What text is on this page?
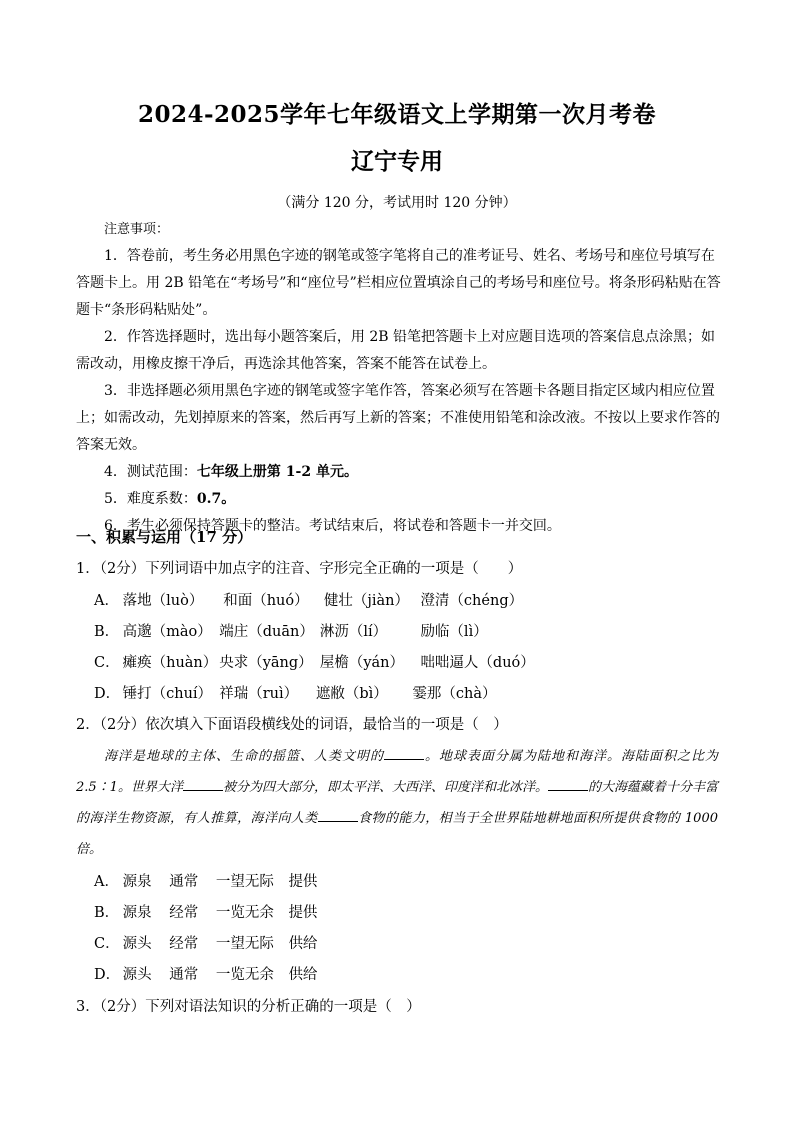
2024-2025学年七年级语文上学期第一次月考卷
辽宁专用
（满分 120 分，考试用时 120 分钟）
注意事项：

1．答卷前，考生务必用黑色字迹的钢笔或签字笔将自己的准考证号、姓名、考场号和座位号填写在答题卡上。用 2B 铅笔在“考场号”和“座位号”栏相应位置填涂自己的考场号和座位号。将条形码粘贴在答题卡“条形码粘贴处”。

2．作答选择题时，选出每小题答案后，用 2B 铅笔把答题卡上对应题目选项的答案信息点涂黑；如需改动，用橡皮擦干净后，再选涂其他答案，答案不能答在试卷上。

3．非选择题必须用黑色字迹的钢笔或签字笔作答，答案必须写在答题卡各题目指定区域内相应位置上；如需改动，先划掉原来的答案，然后再写上新的答案；不准使用铅笔和涂改液。不按以上要求作答的答案无效。

4．测试范围：七年级上册第 1-2 单元。

5．难度系数：0.7。

6．考生必须保持答题卡的整洁。考试结束后，将试卷和答题卡一并交回。

一、积累与运用（17 分）
1．（2分）下列词语中加点字的注音、字形完全正确的一项是（　　）
A． 落地（luò） 和面（huó） 健壮（jiàn） 澄清（chéng）
B． 高邈（mào） 端庄（duān） 淋沥（lí） 励临（lì）
C． 瘫痪（huàn） 央求（yāng） 屋檐（yán） 咄咄逼人（duó）
D． 锤打（chuí） 祥瑞（ruì） 遮敝（bì） 霎那（chà）
2．（2分）依次填入下面语段横线处的词语，最恰当的一项是（　）

海洋是地球的主体、生命的摇篮、人类文明的	。地球表面分属为陆地和海洋。海陆面积之比为 2.5∶1。世界大洋	被分为四大部分，即太平洋、大西洋、印度洋和北冰洋。	的大海蕴藏着十分丰富的海洋生物资源，有人推算，海洋向人类	食物的能力，相当于全世界陆地耕地面积所提供食物的 1000 倍。

A． 源泉 通常 一望无际 提供
B． 源泉 经常 一览无余 提供
C． 源头 经常 一望无际 供给
D． 源头 通常 一览无余 供给
3．（2分）下列对语法知识的分析正确的一项是（　）
